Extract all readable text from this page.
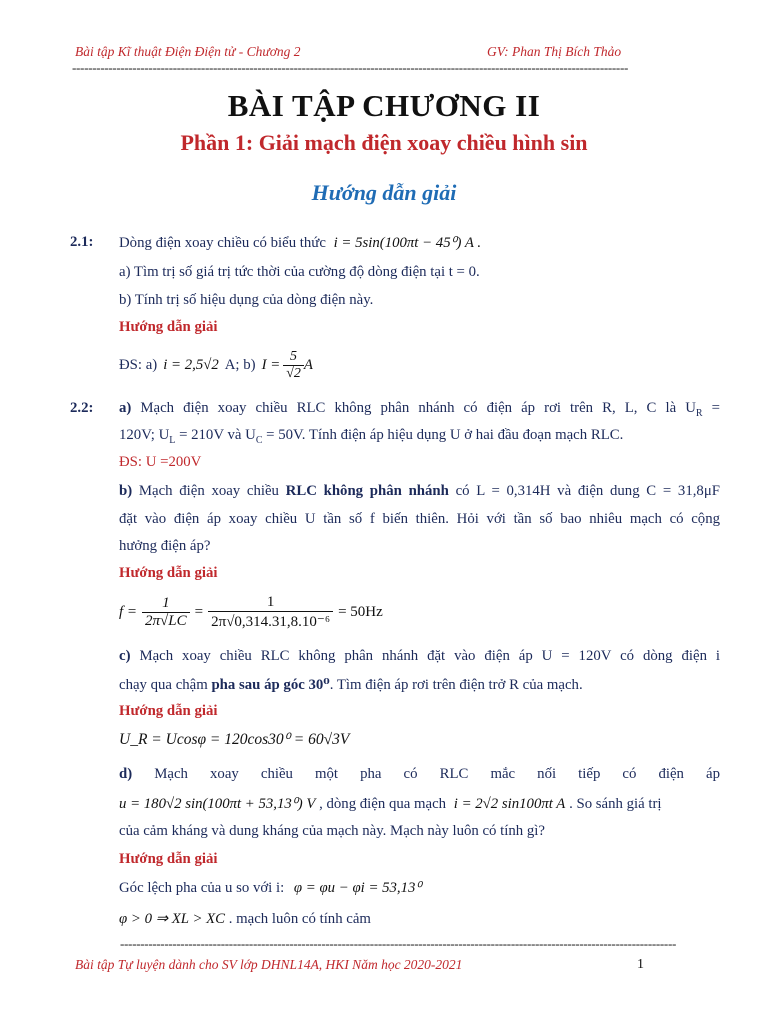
Bài tập Kĩ thuật Điện Điện tử - Chương 2	GV: Phan Thị Bích Thảo
------------------------------------------------------------------------------------------------------------------------------------------
BÀI TẬP CHƯƠNG II
Phần 1: Giải mạch điện xoay chiều hình sin
Hướng dẫn giải
2.1: Dòng điện xoay chiều có biểu thức i = 5sin(100πt − 45⁰) A .
a) Tìm trị số giá trị tức thời của cường độ dòng điện tại t = 0.
b) Tính trị số hiệu dụng của dòng điện này.
Hướng dẫn giải
ĐS: a) i = 2,5√2 A; b) $I = \frac{5}{√2}$ A
2.2: a) Mạch điện xoay chiều RLC không phân nhánh có điện áp rơi trên R, L, C là $U_R$ =
120V; $U_L = 210V$ và $U_C = 50V$. Tính điện áp hiệu dụng U ở hai đầu đoạn mạch RLC.
ĐS: U =200V
b) Mạch điện xoay chiều RLC không phân nhánh có L = 0,314H và điện dung C = 31,8μF
đặt vào điện áp xoay chiều U tần số f biến thiên. Hỏi với tần số bao nhiêu mạch có cộng
hưởng điện áp?
Hướng dẫn giải
$f = \frac{1}{2\pi√LC} = \frac{1}{\text{2π√0,314.31,8.10⁻⁶}} = 50Hz$
c) Mạch xoay chiều RLC không phân nhánh đặt vào điện áp U = 120V có dòng điện i
chạy qua chậm pha sau áp góc 30⁰. Tìm điện áp rơi trên điện trở R của mạch.
Hướng dẫn giải
U_R = Ucosφ = 120cos30⁰ = 60√3V
d) Mạch xoay chiều một pha có RLC mắc nối tiếp có điện áp
u = 180√2 sin(100πt + 53,13⁰) V , dòng điện qua mạch i = 2√2 sin100πt A . So sánh giá trị
của cảm kháng và dung kháng của mạch này. Mạch này luôn có tính gì?
Hướng dẫn giải
Góc lệch pha của u so với i: φ = φu − φi = 53,13⁰
φ > 0 ⇒ XL > XC . mạch luôn có tính cảm
------------------------------------------------------------------------------------------------------------------------------------------
Bài tập Tự luyện dành cho SV lớp DHNL14A, HKI Năm học 2020-2021	1
